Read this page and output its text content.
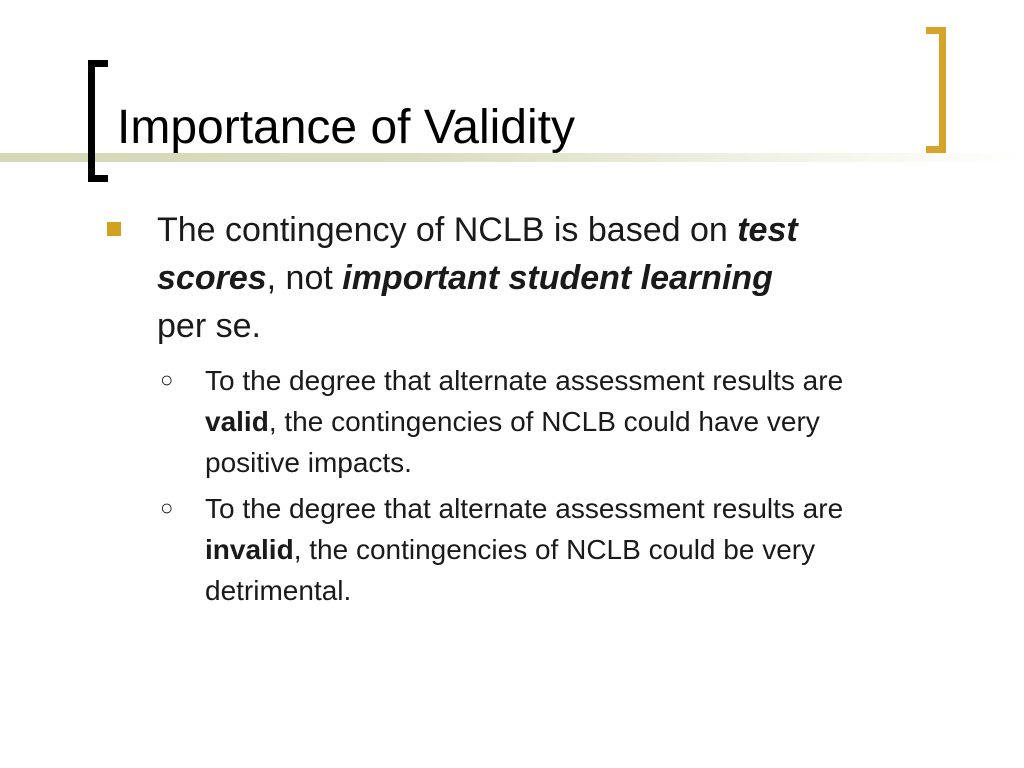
Importance of Validity
The contingency of NCLB is based on test scores, not important student learning per se.
○ To the degree that alternate assessment results are valid, the contingencies of NCLB could have very positive impacts.
○ To the degree that alternate assessment results are invalid, the contingencies of NCLB could be very detrimental.
